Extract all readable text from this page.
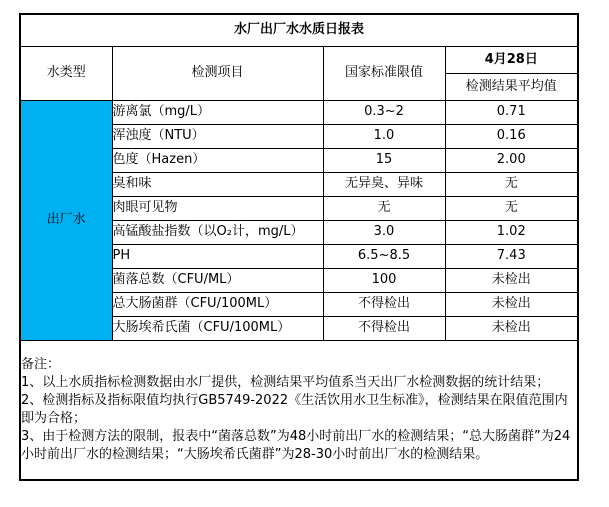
水厂出厂水水质日报表			
水类型	检测项目	国家标准限值	4月28日
			检测结果平均值
出厂水	游离氯（mg/L）	0.3~2	0.71
	浑浊度（NTU）	1.0	0.16
	色度（Hazen）	15	2.00
	臭和味	无异臭、异味	无
	肉眼可见物	无	无
	高锰酸盐指数（以O₂计，mg/L）	3.0	1.02
	PH	6.5~8.5	7.43
	菌落总数（CFU/ML）	100	未检出
	总大肠菌群（CFU/100ML）	不得检出	未检出
	大肠埃希氏菌（CFU/100ML）	不得检出	未检出

备注：
1、以上水质指标检测数据由水厂提供，检测结果平均值系当天出厂水检测数据的统计结果；
2、检测指标及指标限值均执行GB5749-2022《生活饮用水卫生标准》，检测结果在限值范围内即为合格；
3、由于检测方法的限制，报表中“菌落总数”为48小时前出厂水的检测结果；“总大肠菌群”为24小时前出厂水的检测结果；“大肠埃希氏菌群”为28-30小时前出厂水的检测结果。			
